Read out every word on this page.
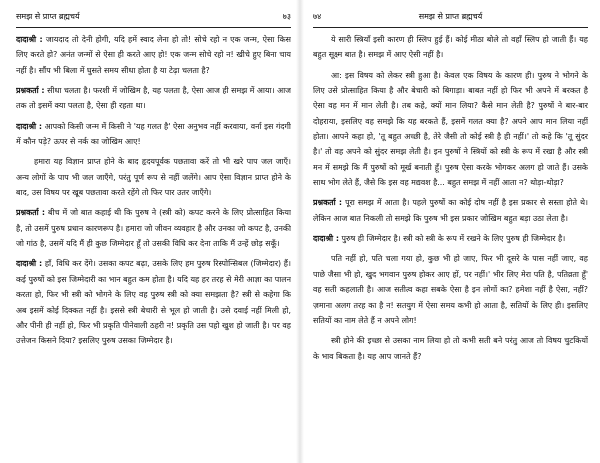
समझ से प्राप्त ब्रह्मचर्य	७३

दादाश्री : जायदाद तो देनी होगी, यदि हमें स्वाद लेना हो तो! सोचे रहो न एक जन्म, ऐसा किस लिए करते हो? अनंत जन्मों से ऐसा ही करते आए हो! एक जन्म सोचे रहो न! खीचे हुए बिना चाय नहीं है। सौंप भी बिला में घुसते समय सीधा होता है या टेढ़ा चलता है?

प्रश्नकर्ता : सीधा चलता है। फरशी में जोखिम है, यह पलता है, ऐसा आज ही समझ में आया। आज तक तो इसमें क्या पलता है, ऐसा ही रहता था।

दादाश्री : आपको किसी जन्म में किसी ने 'यह गलत है' ऐसा अनुभव नहीं करवाया, वर्ना इस गंदगी में कौन पड़े? ऊपर से नर्क का जोखिम आए!

हमारा यह विज्ञान प्राप्त होने के बाद हृदयपूर्वक पछतावा करें तो भी खरे पाप जल जाएँ। अन्य लोगों के पाप भी जल जाएँगे, परंतु पूर्ण रूप से नहीं जलेंगे। आप ऐसा विज्ञान प्राप्त होने के बाद, उस विषय पर खूब पछतावा करते रहेंगे तो फिर पार उतर जाएँगे।

प्रश्नकर्ता : बीच में जो बात कहाई थी कि पुरुष ने (स्त्री को) कपट करने के लिए प्रोत्साहित किया है, तो उसमें पुरुष प्रधान कारणरूप है। हमारा जो जीवन व्यवहार है और उनका जो कपट है, उनकी जो गांठ है, उसमें यदि मैं ही कुछ जिम्मेदार हूँ तो उसकी विधि कर देना ताकि मैं उन्हें छोड़ सकूँ।

दादाश्री : हाँ, विधि कर देंगे। उसका कपट बढ़ा, उसके लिए हम पुरुष रिस्पोन्सिबल (जिम्मेदार) हैं। कई पुरुषों को इस जिम्मेदारी का भान बहुत कम होता है। यदि यह हर तरह से मेरी आज्ञा का पालन करता हो, फिर भी स्त्री को भोगने के लिए वह पुरुष स्त्री को क्या समझता है? स्त्री से कहेगा कि अब इसमें कोई दिक्कत नहीं है। इससे स्त्री बेचारी से भूल हो जाती है। उसे दवाई नहीं मिली हो, और पीनी ही नहीं हो, फिर भी प्रकृति पीनेवाली ठहरी न! प्रकृति उस पहो खुश हो जाती है। पर वह उत्तेजन किसने दिया? इसलिए पुरुष उसका जिम्मेदार है।

७४	समझ से प्राप्त ब्रह्मचर्य

ये सारी स्त्रियाँ इसी कारण ही स्लिप हुई हैं। कोई मीठा बोले तो वहाँ स्लिप हो जाती हैं। यह बहुत सूक्ष्म बात है। समझ में आए ऐसी नहीं है।

आ: इस विषय को लेकर स्त्री हुआ है। केवल एक विषय के कारण ही। पुरुष ने भोगने के लिए उसे प्रोत्साहित किया है और बेचारी को बिगाड़ा। बाबत नहीं हो फिर भी अपने में बरकत है ऐसा वह मन में मान लेती है। तब कहे, क्यों मान लिया? कैसे मान लेती है? पुरुषों ने बार-बार दोहराया, इसलिए वह समझे कि यह बरकते हैं, इसमें गलत क्या है? अपने आप मान लिया नहीं होता। आपने कहा हो, 'तू बहुत अच्छी है, तेरे जैसी तो कोई स्त्री है ही नहीं।' तो कहे कि 'तू सुंदर है।' तो वह अपने को सुंदर समझ लेती है। इन पुरुषों ने स्त्रियों को स्त्री के रूप में रखा है और स्त्री मन में समझे कि मैं पुरुषों को मूर्ख बनाती हूँ। पुरुष ऐसा करके भोगकर अलग हो जाते हैं। उसके साथ भोग लेते हैं, जैसे कि इस वह मद्यवश है... बहुत समझ में नहीं आता न? थोड़ा-थोड़ा?

प्रश्नकर्ता : पूरा समझ में आता है। पहले पुरुषों का कोई दोष नहीं है इस प्रकार से सस्ता होते थे। लेकिन आज बात निकली तो समझे कि पुरुष भी इस प्रकार जोखिम बहुत बड़ा उठा लेता है।

दादाश्री : पुरुष ही जिम्मेदार है। स्त्री को स्त्री के रूप में रखने के लिए पुरुष ही जिम्मेदार है।

पति नहीं हो, पति चला गया हो, कुछ भी हो जाए, फिर भी दूसरे के पास नहीं जाए, वह पाछे जैसा भी हो, खुद भगवान पुरुष होकर आए हों, पर नहीं।' भीर लिए मेरा पति है, पतिव्रता हूँ' वह सती कहलाती है। आज सतीत्व कहा सबके ऐसा है इन लोगों का? हमेशा नहीं है ऐसा, नहीं? ज़माना अलग तरह का है न! सतयुग में ऐसा समय कभी हो आता है, सतियों के लिए ही। इसलिए सतियों का नाम लेते हैं न अपने लोग!

स्त्री होने की इच्छा से उसका नाम लिया हो तो कभी सती बने परंतु आज तो विषय चुटकियों के भाव बिकता है। यह आप जानते हैं?
